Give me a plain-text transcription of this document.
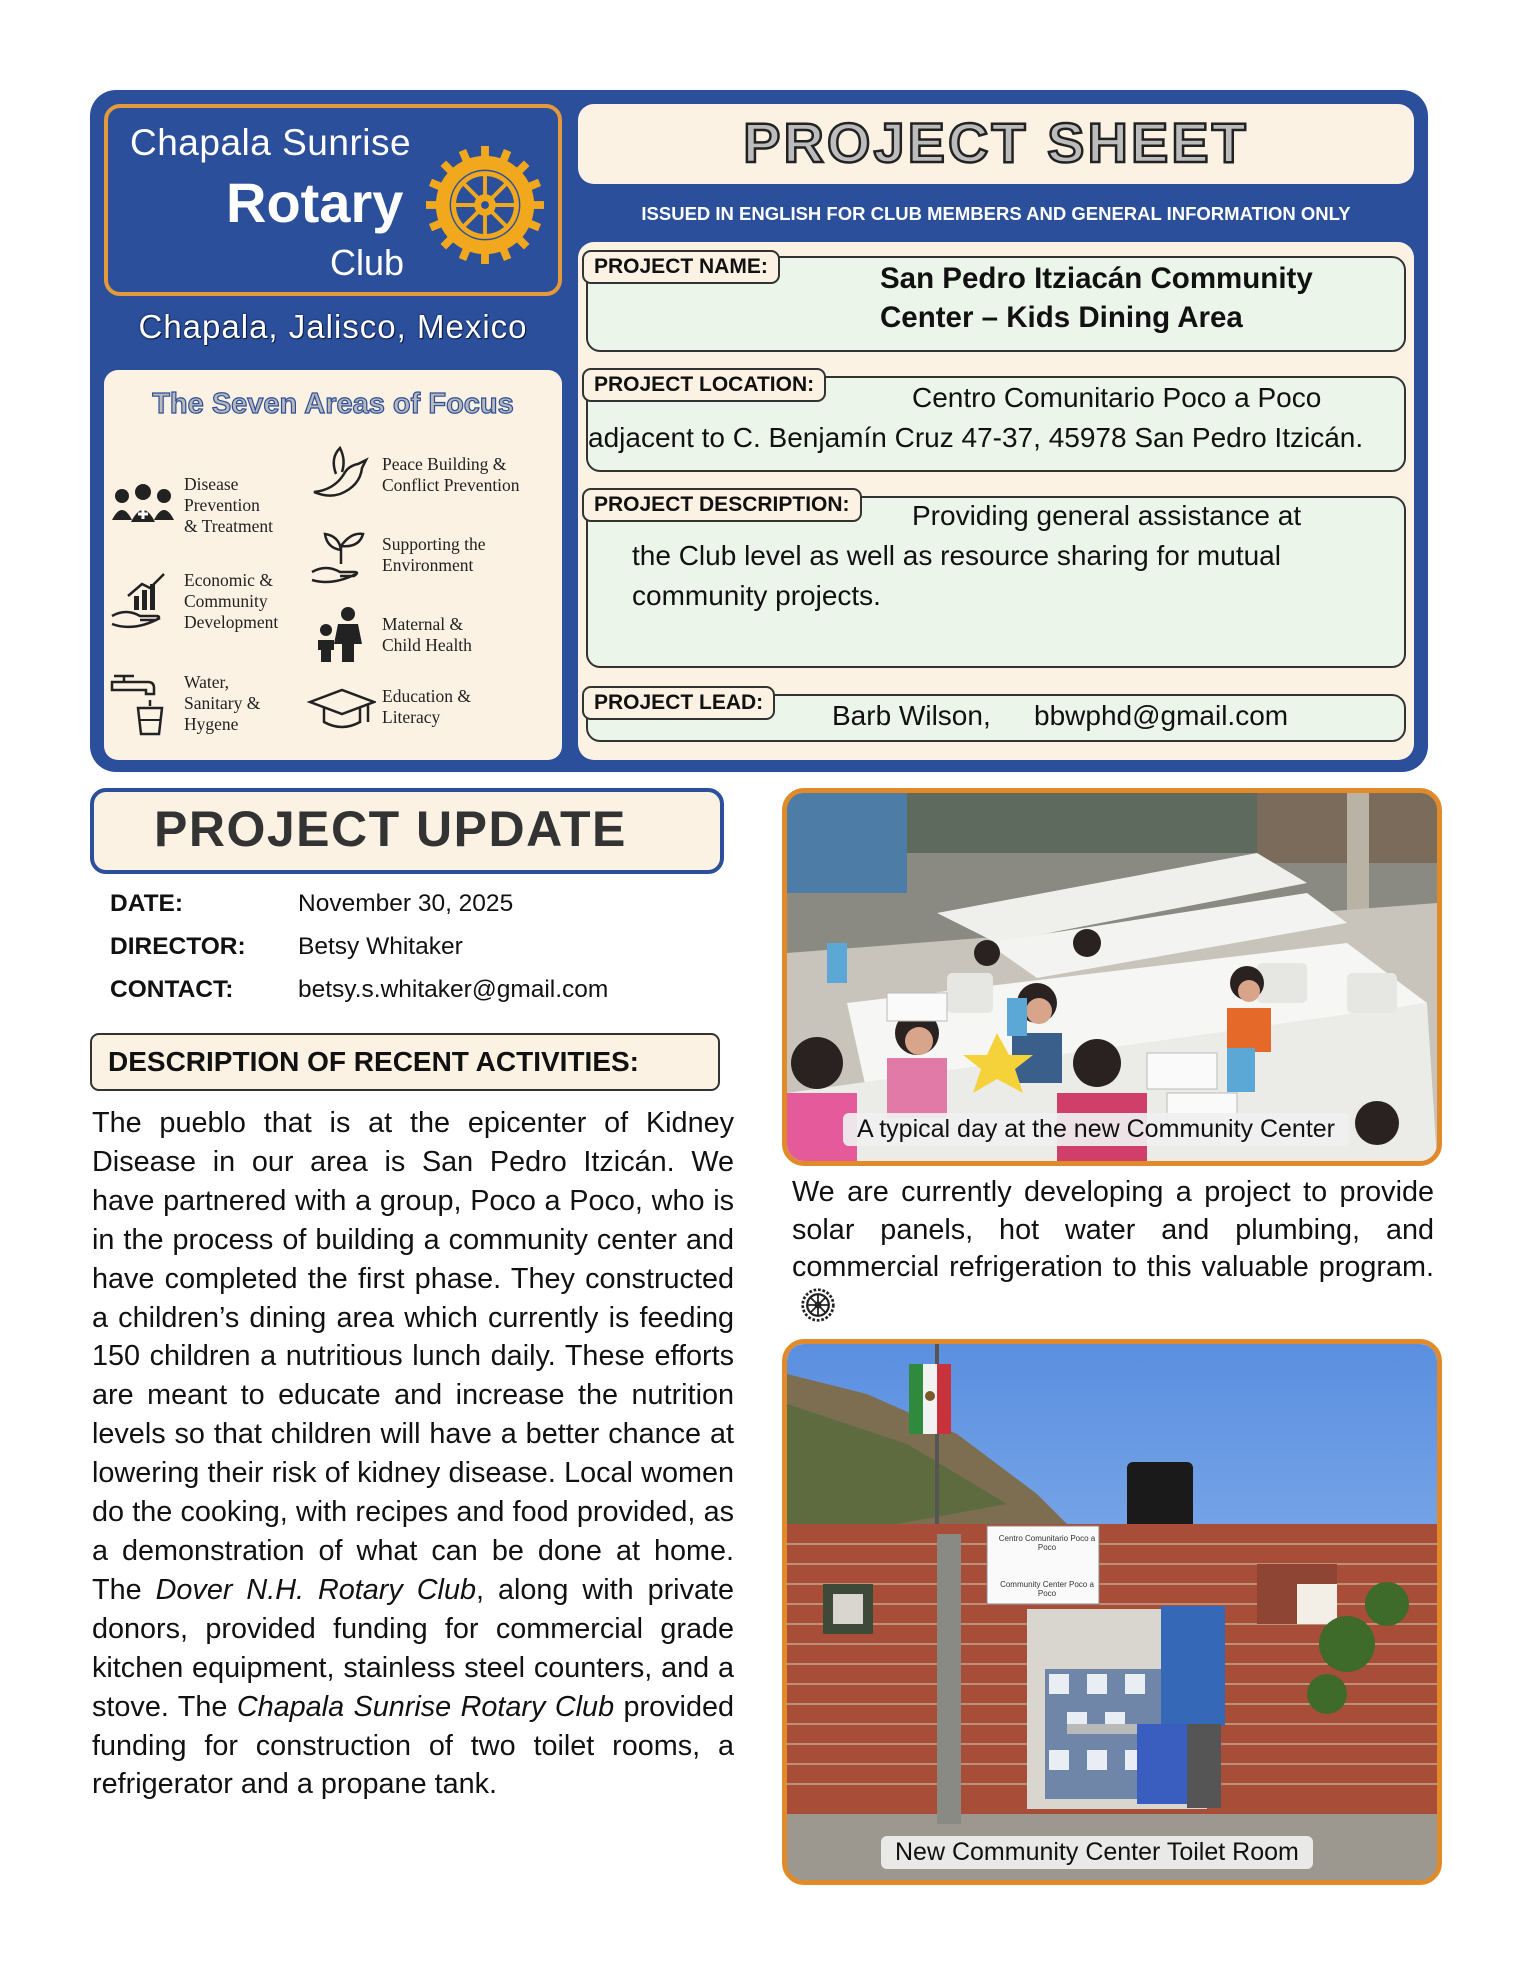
Chapala Sunrise
Rotary
Club
Chapala, Jalisco, Mexico
The Seven Areas of Focus
Disease
Prevention
& Treatment
Peace Building &
Conflict Prevention
Supporting the
Environment
Economic &
Community
Development	Maternal &
Child Health
Water,
Sanitary &
Hygene
Education &
Literacy
PROJECT SHEET
ISSUED IN ENGLISH FOR CLUB MEMBERS AND GENERAL INFORMATION ONLY
PROJECT NAME:	San Pedro Itziacán Community
Center – Kids Dining Area
PROJECT LOCATION:	Centro Comunitario Poco a Poco
adjacent to C. Benjamín Cruz 47-37, 45978 San Pedro Itzicán.
PROJECT DESCRIPTION:	Providing general assistance at
the Club level as well as resource sharing for mutual
community projects.
PROJECT LEAD:	Barb Wilson, bbwphd@gmail.com
PROJECT UPDATE
DATE:	November 30, 2025
DIRECTOR: Betsy Whitaker
CONTACT:	betsy.s.whitaker@gmail.com
DESCRIPTION OF RECENT ACTIVITIES:
The pueblo that is at the epicenter of Kidney Disease in our area is San Pedro Itzicán. We have partnered with a group, Poco a Poco, who is in the process of building a community center and have completed the first phase. They constructed a children’s dining area which currently is feeding 150 children a nutritious lunch daily. These efforts are meant to educate and increase the nutrition levels so that children will have a better chance at lowering their risk of kidney disease. Local women do the cooking, with recipes and food provided, as a demonstration of what can be done at home. The Dover N.H. Rotary Club, along with private donors, provided funding for commercial grade kitchen equipment, stainless steel counters, and a stove. The Chapala Sunrise Rotary Club provided funding for construction of two toilet rooms, a refrigerator and a propane tank.
A typical day at the new Community Center
We are currently developing a project to provide solar panels, hot water and plumbing, and commercial refrigeration to this valuable program.
Centro Comunitario Poco a Poco
Community Center Poco a Poco
New Community Center Toilet Room
